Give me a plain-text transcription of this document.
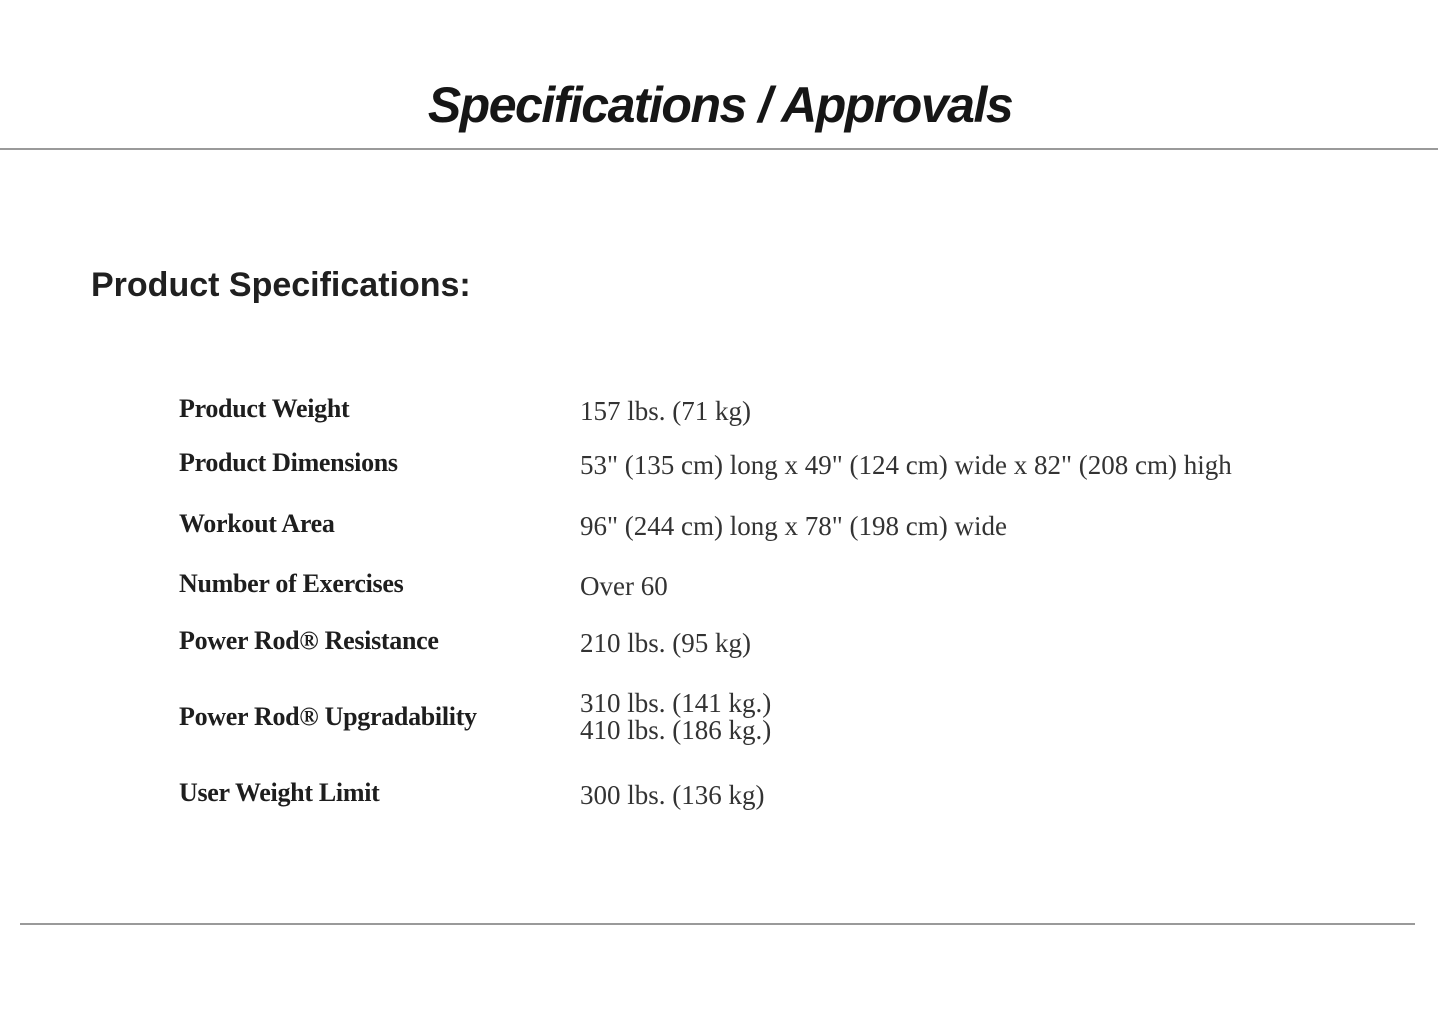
Specifications / Approvals
Product Specifications:
Product Weight	157 lbs. (71 kg)
Product Dimensions	53" (135 cm) long x 49" (124 cm) wide x 82" (208 cm) high
Workout Area	96" (244 cm) long x 78" (198 cm) wide
Number of Exercises	Over 60
Power Rod® Resistance	210 lbs. (95 kg)
Power Rod® Upgradability	310 lbs. (141 kg.)
410 lbs. (186 kg.)
User Weight Limit	300 lbs. (136 kg)
